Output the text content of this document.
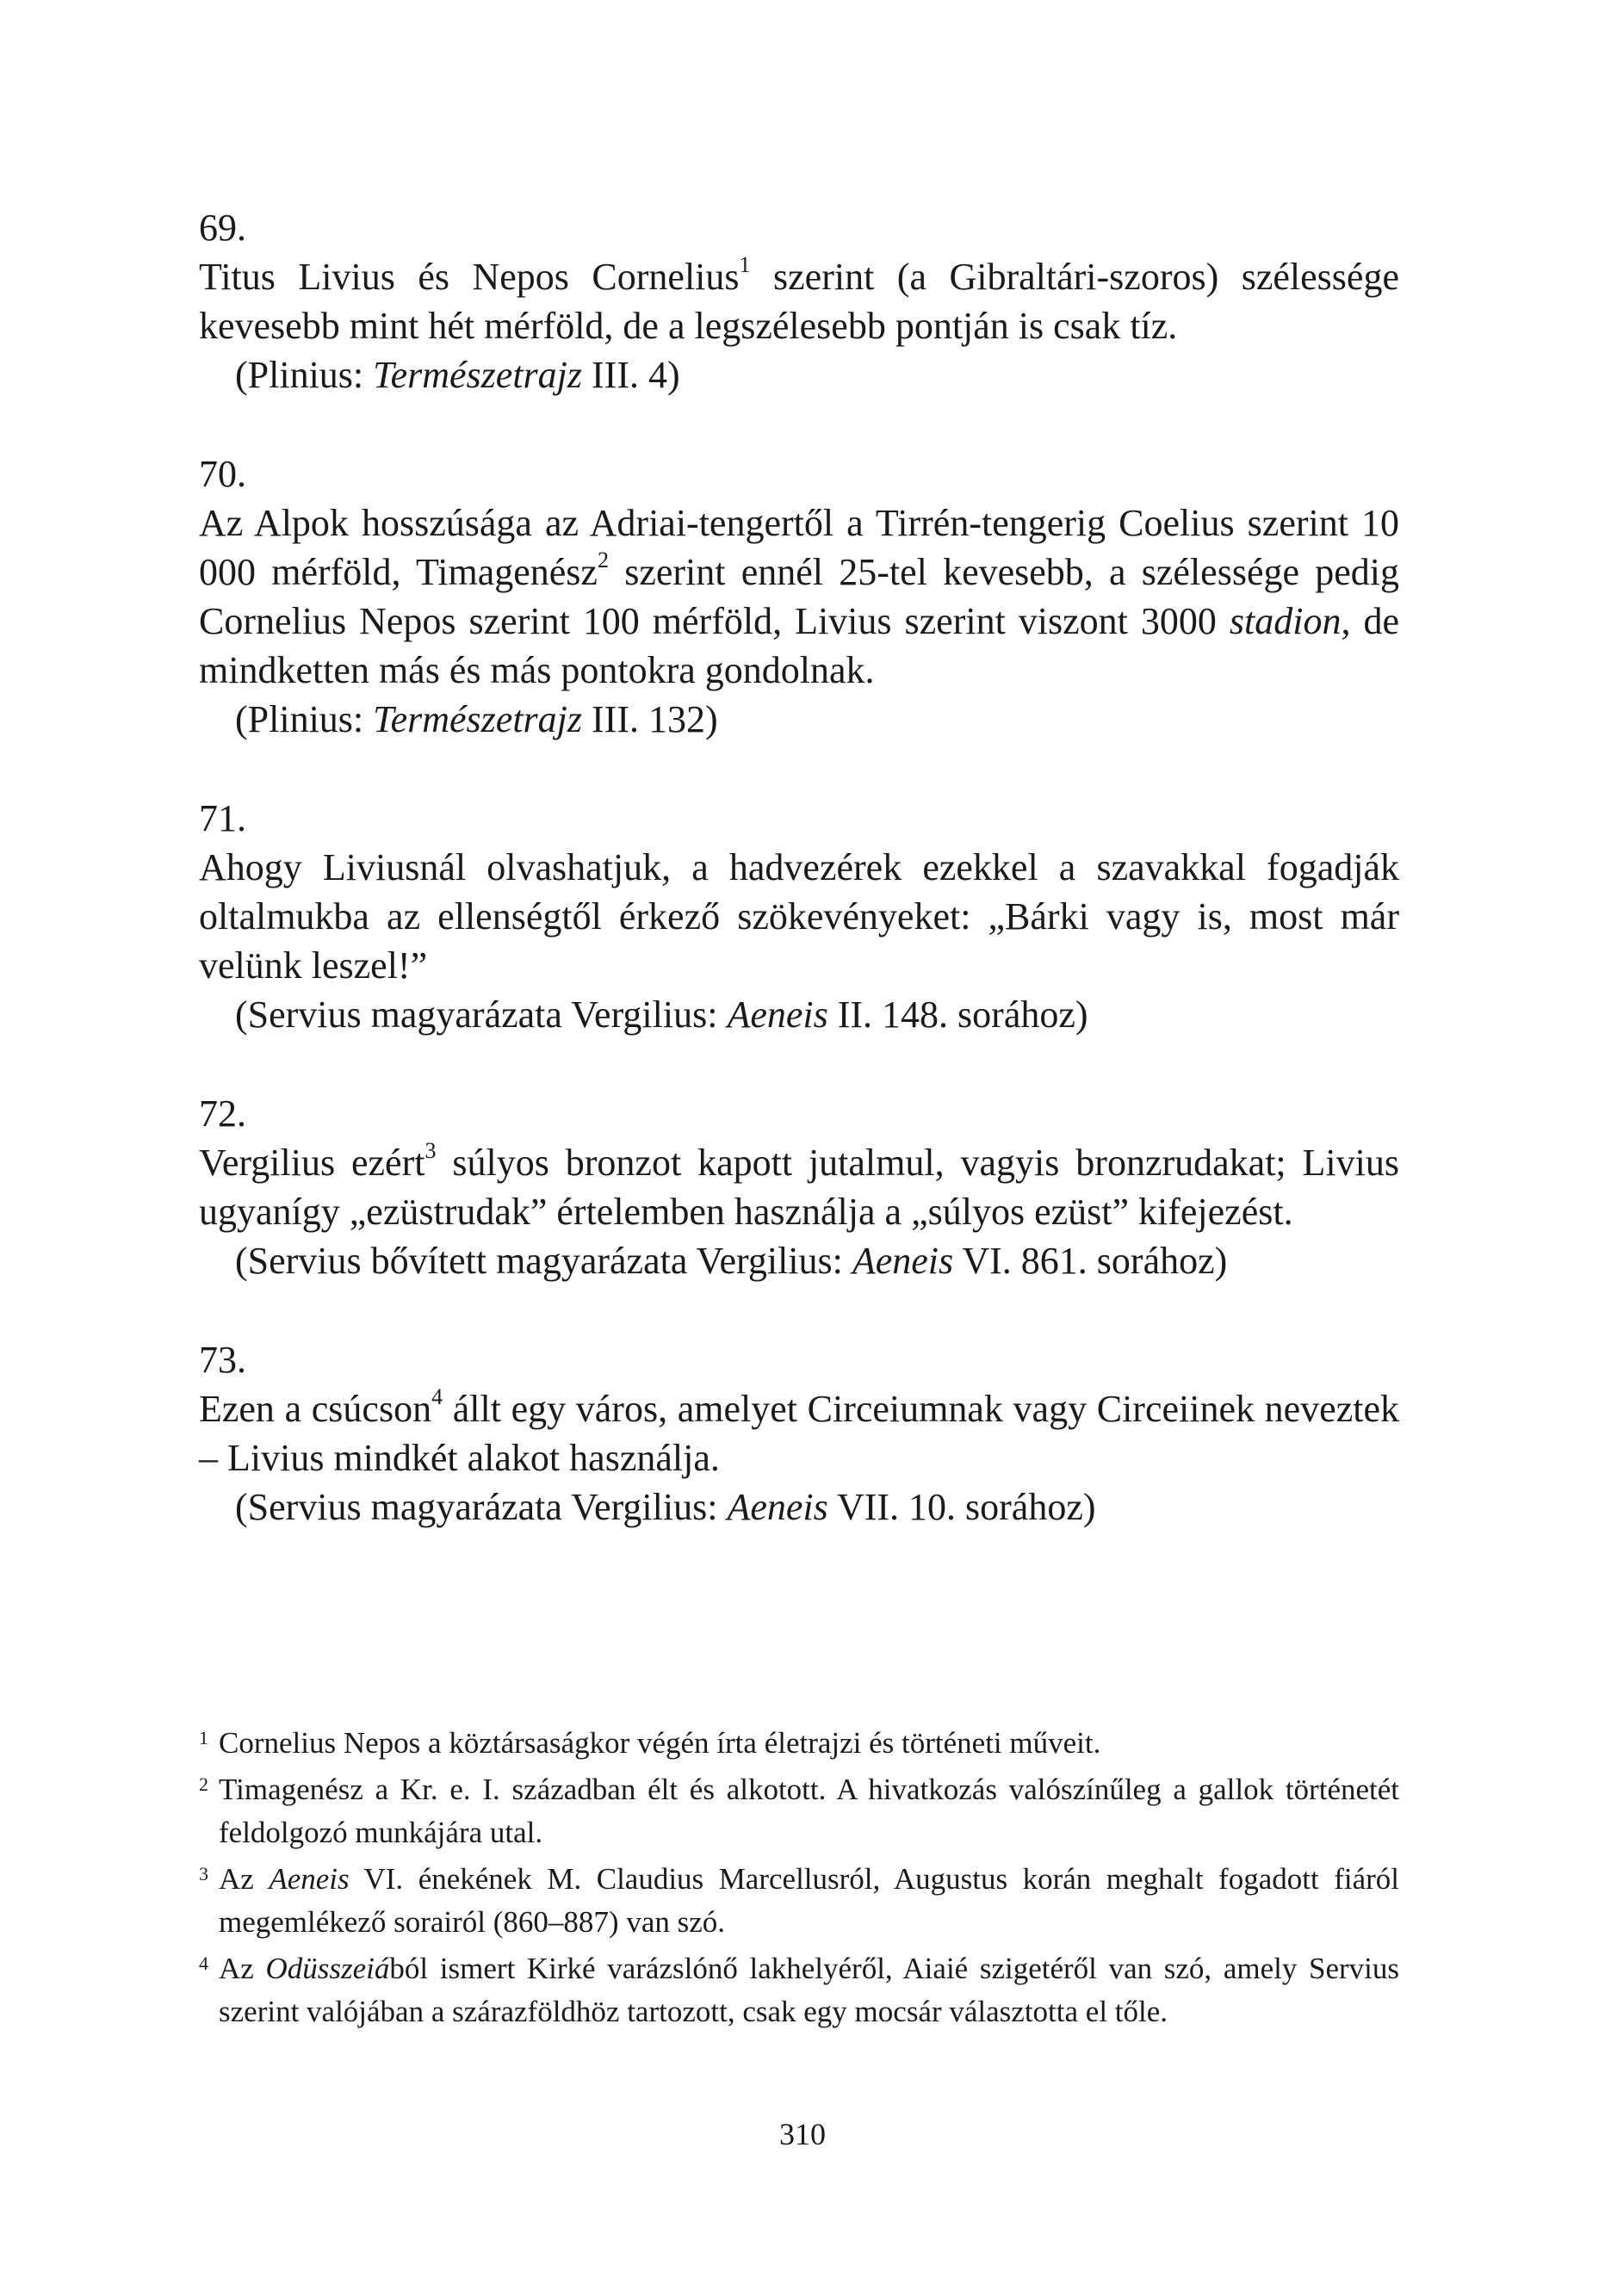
69.
Titus Livius és Nepos Cornelius$^1$ szerint (a Gibraltári-szoros) szélessége kevesebb mint hét mérföld, de a legszélesebb pontján is csak tíz.
(Plinius: Természetrajz III. 4)
70.
Az Alpok hosszúsága az Adriai-tengertől a Tirrén-tengerig Coelius szerint 10 000 mérföld, Timagenész$^2$ szerint ennél 25-tel kevesebb, a szélessége pedig Cornelius Nepos szerint 100 mérföld, Livius szerint viszont 3000 stadion, de mindketten más és más pontokra gondolnak.
(Plinius: Természetrajz III. 132)
71.
Ahogy Liviusnál olvashatjuk, a hadvezérek ezekkel a szavakkal fogadják oltalmukba az ellenségtől érkező szökevényeket: „Bárki vagy is, most már velünk leszel!”
(Servius magyarázata Vergilius: Aeneis II. 148. sorához)
72.
Vergilius ezért$^3$ súlyos bronzot kapott jutalmul, vagyis bronzrudakat; Livius ugyanígy „ezüstrudak” értelemben használja a „súlyos ezüst” kifejezést.
(Servius bővített magyarázata Vergilius: Aeneis VI. 861. sorához)
73.
Ezen a csúcson$^4$ állt egy város, amelyet Circeiumnak vagy Circeiinek neveztek – Livius mindkét alakot használja.
(Servius magyarázata Vergilius: Aeneis VII. 10. sorához)
1 Cornelius Nepos a köztársaságkor végén írta életrajzi és történeti műveit.
2 Timagenész a Kr. e. I. században élt és alkotott. A hivatkozás valószínűleg a gallok történetét feldolgozó munkájára utal.
3 Az Aeneis VI. énekének M. Claudius Marcellusról, Augustus korán meghalt fogadott fiáról megemlékező sorairól (860–887) van szó.
4 Az Odüsszeiából ismert Kirké varázslónő lakhelyéről, Aiaié szigetéről van szó, amely Servius szerint valójában a szárazföldhöz tartozott, csak egy mocsár választotta el tőle.
310
